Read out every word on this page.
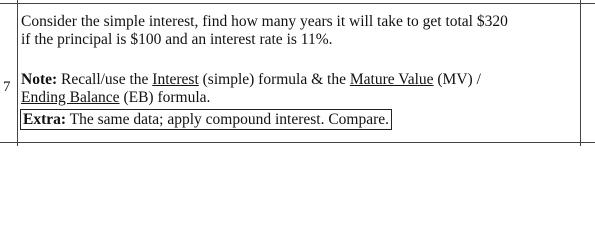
7

Consider the simple interest, find how many years it will take to get total $320
if the principal is $100 and an interest rate is 11%.

Note: Recall/use the Interest (simple) formula & the Mature Value (MV) /
Ending Balance (EB) formula.

Extra: The same data; apply compound interest. Compare.
